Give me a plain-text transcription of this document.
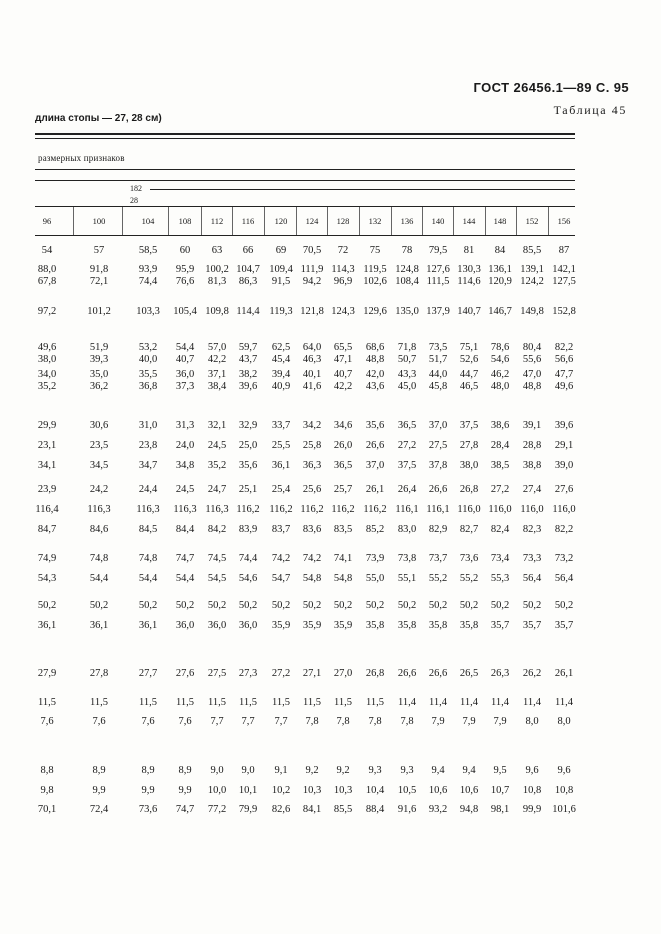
ГОСТ 26456.1—89 С. 95
Таблица 45
длина стопы — 27, 28 см)
размерных признаков
182
28
96	100	104	108 112 116 120 124 128 132 136 140 144 148 152 156
54	57	58,5 60 63 66 69 70,5 72 75 78 79,5 81 84 85,5 87
88,0	91,8	93,9 95,9 100,2 104,7 109,4 111,9 114,3 119,5 124,8 127,6 130,3 136,1 139,1 142,1
67,8	72,1	74,4 76,6 81,3 86,3 91,5 94,2 96,9 102,6 108,4 111,5 114,6 120,9 124,2 127,5
97,2	101,2 103,3 105,4 109,8 114,4 119,3 121,8 124,3 129,6 135,0 137,9 140,7 146,7 149,8 152,8
49,6	51,9	53,2 54,4 57,0 59,7 62,5 64,0 65,5 68,6 71,8 73,5 75,1 78,6 80,4 82,2
38,0	39,3	40,0 40,7 42,2 43,7 45,4 46,3 47,1 48,8 50,7 51,7 52,6 54,6 55,6 56,6
34,0	35,0	35,5 36,0 37,1 38,2 39,4 40,1 40,7 42,0 43,3 44,0 44,7 46,2 47,0 47,7
35,2	36,2	36,8 37,3 38,4 39,6 40,9 41,6 42,2 43,6 45,0 45,8 46,5 48,0 48,8 49,6
29,9	30,6	31,0 31,3 32,1 32,9 33,7 34,2 34,6 35,6 36,5 37,0 37,5 38,6 39,1 39,6
23,1	23,5	23,8 24,0 24,5 25,0 25,5 25,8 26,0 26,6 27,2 27,5 27,8 28,4 28,8 29,1
34,1	34,5	34,7 34,8 35,2 35,6 36,1 36,3 36,5 37,0 37,5 37,8 38,0 38,5 38,8 39,0
23,9	24,2	24,4 24,5 24,7 25,1 25,4 25,6 25,7 26,1 26,4 26,6 26,8 27,2 27,4 27,6
116,4	116,3 116,3 116,3 116,3 116,2 116,2 116,2 116,2 116,2 116,1 116,1 116,0 116,0 116,0 116,0
84,7	84,6	84,5 84,4 84,2 83,9 83,7 83,6 83,5 85,2 83,0 82,9 82,7 82,4 82,3 82,2
74,9	74,8	74,8 74,7 74,5 74,4 74,2 74,2 74,1 73,9 73,8 73,7 73,6 73,4 73,3 73,2
54,3	54,4	54,4 54,4 54,5 54,6 54,7 54,8 54,8 55,0 55,1 55,2 55,2 55,3 56,4 56,4
50,2	50,2	50,2 50,2 50,2 50,2 50,2 50,2 50,2 50,2 50,2 50,2 50,2 50,2 50,2 50,2
36,1	36,1	36,1 36,0 36,0 36,0 35,9 35,9 35,9 35,8 35,8 35,8 35,8 35,7 35,7 35,7
27,9	27,8	27,7 27,6 27,5 27,3 27,2 27,1 27,0 26,8 26,6 26,6 26,5 26,3 26,2 26,1
11,5	11,5	11,5 11,5 11,5 11,5 11,5 11,5 11,5 11,5 11,4 11,4 11,4 11,4 11,4 11,4
7,6	7,6	7,6 7,6 7,7 7,7 7,7 7,8 7,8 7,8 7,8 7,9 7,9 7,9 8,0 8,0
8,8	8,9	8,9 8,9 9,0 9,0 9,1 9,2 9,2 9,3 9,3 9,4 9,4 9,5 9,6 9,6
9,8	9,9	9,9 9,9 10,0 10,1 10,2 10,3 10,3 10,4 10,5 10,6 10,6 10,7 10,8 10,8
70,1	72,4	73,6 74,7 77,2 79,9 82,6 84,1 85,5 88,4 91,6 93,2 94,8 98,1 99,9 101,6
